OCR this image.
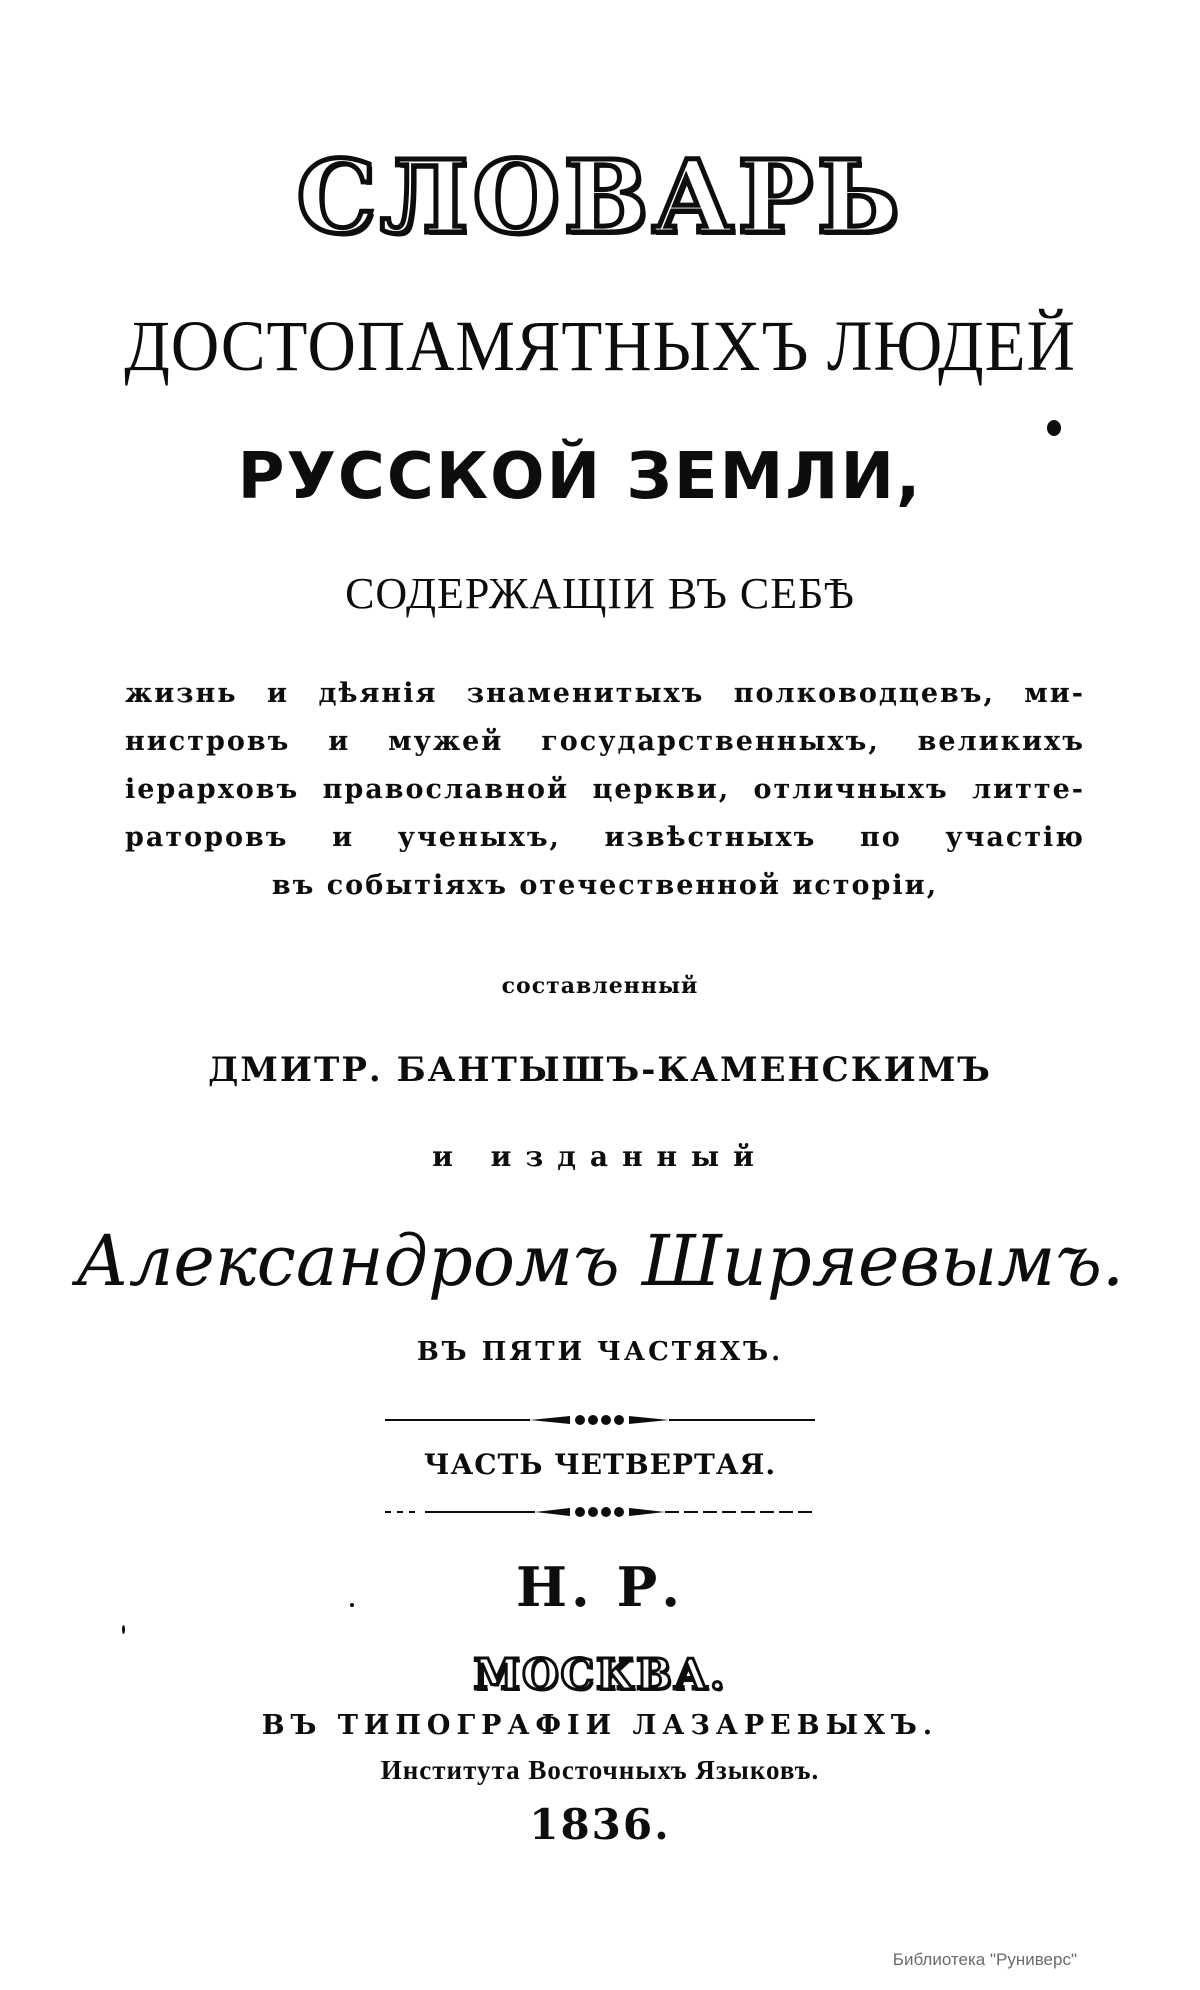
СЛОВАРЬ
ДОСТОПАМЯТНЫХЪ ЛЮДЕЙ
РУССКОЙ ЗЕМЛИ,
СОДЕРЖАЩІИ ВЪ СЕБѢ
жизнь и дѣянія знаменитыхъ полководцевъ, ми-
нистровъ и мужей государственныхъ, великихъ
іерарховъ православной церкви, отличныхъ литте-
раторовъ и ученыхъ, извѣстныхъ по участію
въ событіяхъ отечественной исторіи,
составленный
ДМИТР. БАНТЫШЪ-КАМЕНСКИМЪ
и изданный
Александромъ Ширяевымъ.
ВЪ ПЯТИ ЧАСТЯХЪ.
ЧАСТЬ ЧЕТВЕРТАЯ.
Н. Р.
МОСКВА.
ВЪ ТИПОГРАФІИ ЛАЗАРЕВЫХЪ.
Института Восточныхъ Языковъ.
1836.
Библиотека "Руниверс"
